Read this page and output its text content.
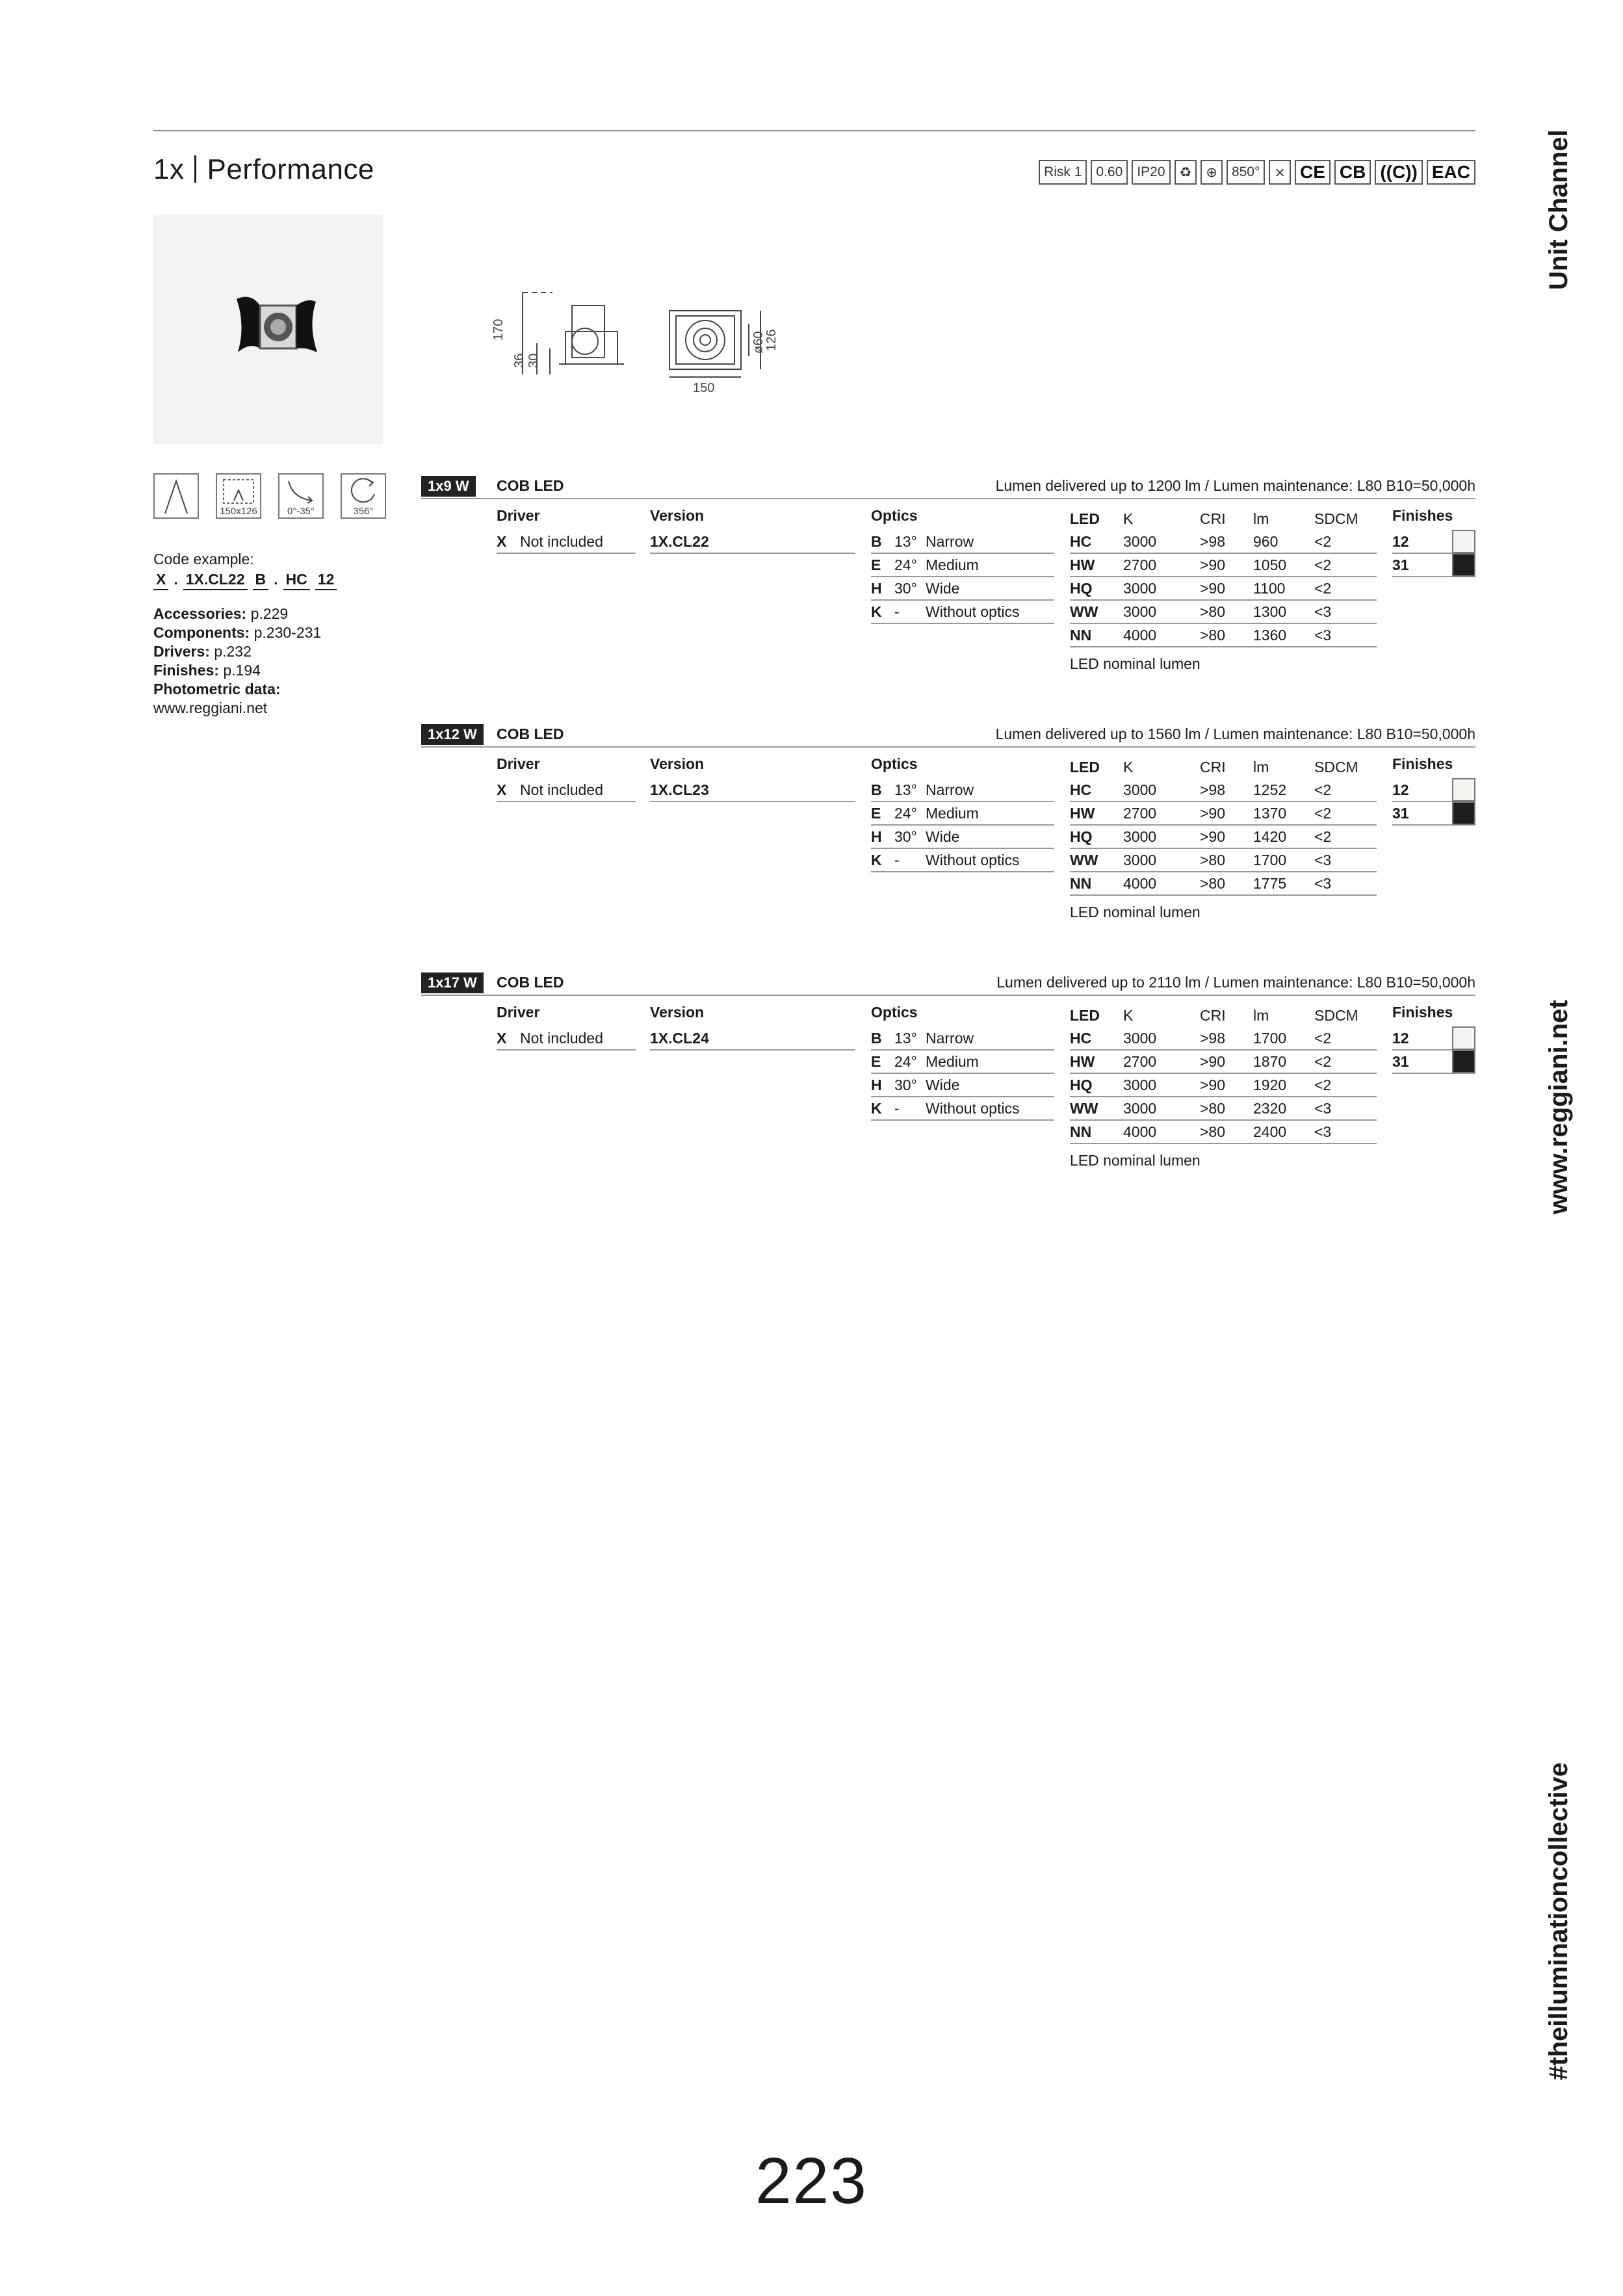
1x Performance	Risk 1	0.60	IP20	♻	⊕	850°	⨯ CE CB ((C)) EAC	Unit Channel
www.reggiani.net
#theilluminationcollective
170
36 30
ø60
126
150
150x126	0°-35°	356°
Code example:
X . 1X.CL22 B . HC 12
Accessories: p.229
Components: p.230-231
Drivers: p.232
Finishes: p.194
Photometric data:
www.reggiani.net
1x9 W	COB LED	Lumen delivered up to 1200 lm / Lumen maintenance: L80 B10=50,000h
Driver
X Not included
Version
1X.CL22
Optics
B 13° Narrow
E 24° Medium
H 30° Wide
K -	Without optics
LED	K	CRI	lm	SDCM
HC	3000	>98	960	<2
HW	2700	>90	1050	<2
HQ	3000	>90	1100	<2
WW	3000	>80	1300	<3
NN	4000	>80	1360	<3
LED nominal lumen
Finishes
12
31
1x12 W	COB LED	Lumen delivered up to 1560 lm / Lumen maintenance: L80 B10=50,000h
Driver
X Not included
Version
1X.CL23
Optics
B 13° Narrow
E 24° Medium
H 30° Wide
K -	Without optics
LED	K	CRI	lm	SDCM
HC	3000	>98	1252	<2
HW	2700	>90	1370	<2
HQ	3000	>90	1420	<2
WW	3000	>80	1700	<3
NN	4000	>80	1775	<3
LED nominal lumen
Finishes
12
31
1x17 W	COB LED	Lumen delivered up to 2110 lm / Lumen maintenance: L80 B10=50,000h
Driver
X Not included
Version
1X.CL24
Optics
B 13° Narrow
E 24° Medium
H 30° Wide
K -	Without optics
LED	K	CRI	lm	SDCM
HC	3000	>98	1700	<2
HW	2700	>90	1870	<2
HQ	3000	>90	1920	<2
WW	3000	>80	2320	<3
NN	4000	>80	2400	<3
LED nominal lumen
Finishes
12
31
223
